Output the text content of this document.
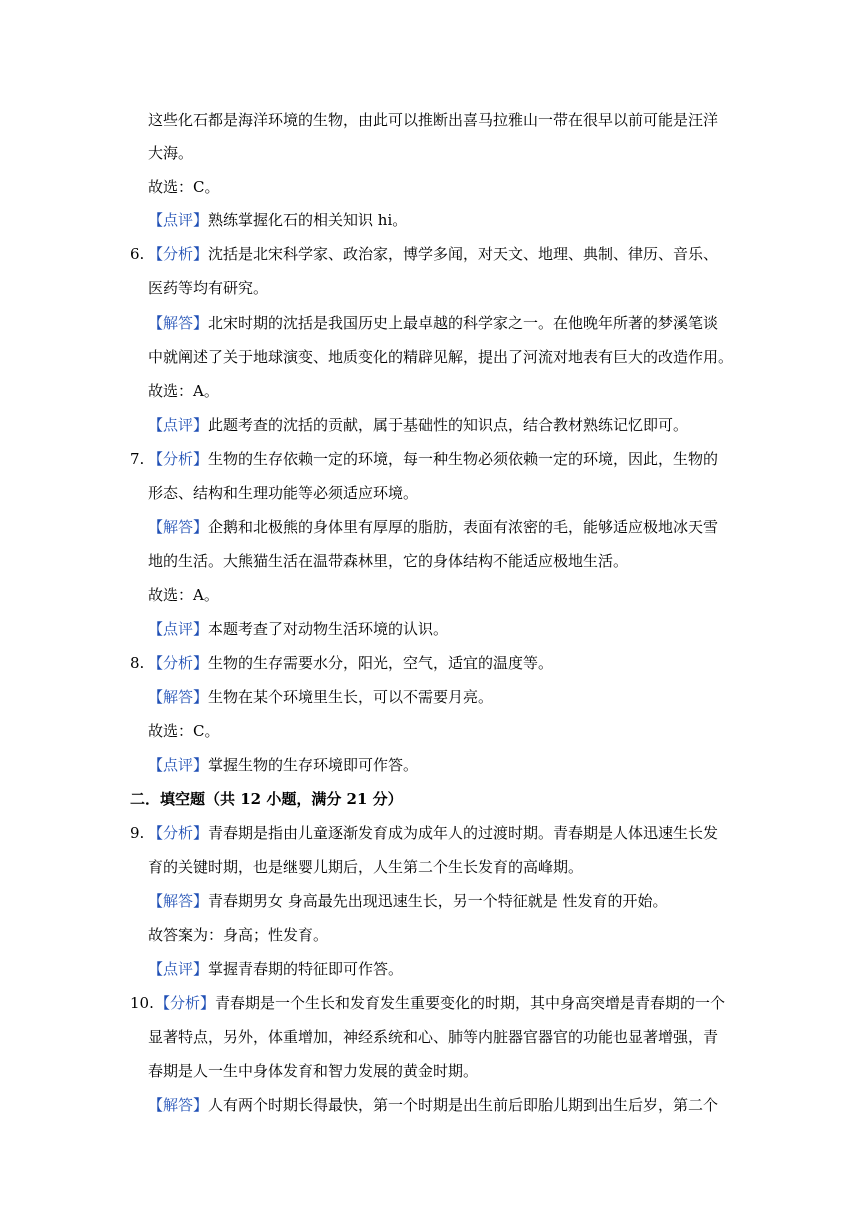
这些化石都是海洋环境的生物，由此可以推断出喜马拉雅山一带在很早以前可能是汪洋
大海。
故选：C。
【点评】熟练掌握化石的相关知识 hi。
6. 【分析】沈括是北宋科学家、政治家，博学多闻，对天文、地理、典制、律历、音乐、
医药等均有研究。
【解答】北宋时期的沈括是我国历史上最卓越的科学家之一。在他晚年所著的梦溪笔谈
中就阐述了关于地球演变、地质变化的精辟见解，提出了河流对地表有巨大的改造作用。
故选：A。
【点评】此题考查的沈括的贡献，属于基础性的知识点，结合教材熟练记忆即可。
7. 【分析】生物的生存依赖一定的环境，每一种生物必须依赖一定的环境，因此，生物的
形态、结构和生理功能等必须适应环境。
【解答】企鹅和北极熊的身体里有厚厚的脂肪，表面有浓密的毛，能够适应极地冰天雪
地的生活。大熊猫生活在温带森林里，它的身体结构不能适应极地生活。
故选：A。
【点评】本题考查了对动物生活环境的认识。
8. 【分析】生物的生存需要水分，阳光，空气，适宜的温度等。
【解答】生物在某个环境里生长，可以不需要月亮。
故选：C。
【点评】掌握生物的生存环境即可作答。
二．填空题（共 12 小题，满分 21 分）
9. 【分析】青春期是指由儿童逐渐发育成为成年人的过渡时期。青春期是人体迅速生长发
育的关键时期，也是继婴儿期后，人生第二个生长发育的高峰期。
【解答】青春期男女 身高最先出现迅速生长，另一个特征就是 性发育的开始。
故答案为：身高；性发育。
【点评】掌握青春期的特征即可作答。
10. 【分析】青春期是一个生长和发育发生重要变化的时期，其中身高突增是青春期的一个
显著特点，另外，体重增加，神经系统和心、肺等内脏器官器官的功能也显著增强，青
春期是人一生中身体发育和智力发展的黄金时期。
【解答】人有两个时期长得最快，第一个时期是出生前后即胎儿期到出生后岁，第二个
